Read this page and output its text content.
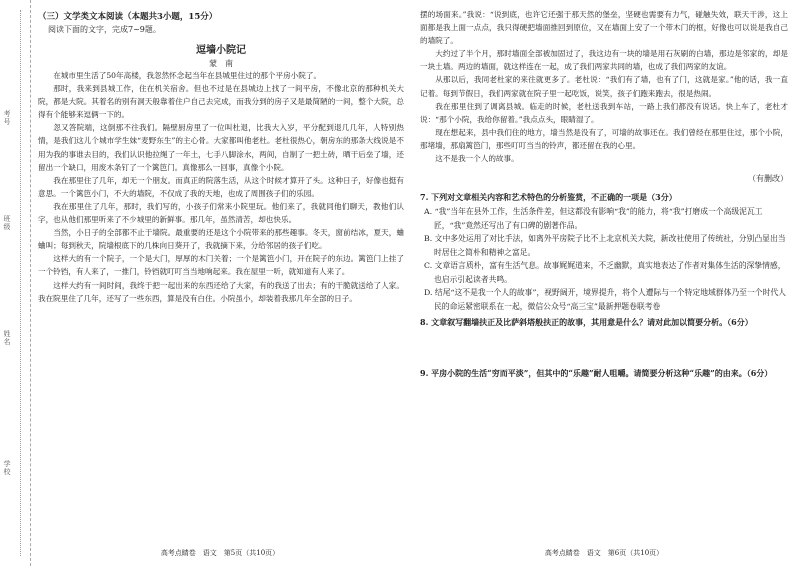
学校
姓名
班级
考号
（三）文学类文本阅读（本题共3小题，15分）
阅读下面的文字，完成7~9题。
逗墙小院记
蒙　南

在城市里生活了50年高楼，我忽然怀念起当年在县城里住过的那个平房小院了。

那时，我来到县城工作，住在机关宿舍。但也不过是在县城边上找了一间平房，不像北京的那种机关大院，都是大院。其着名的别有洞天般靠着住户自己去完成，而我分到的房子又是最简陋的一间，整个大院，总得有个能够来逗俩一下的。

忽又答院端，这倒那不往我们。隔壁厨房里了一位叫杜退，比我大入岁，平分配到退几几年，人特别热情，是我们这儿个城市学生妹“麦野东生”的主心骨。大家都叫他老杜。老杜很热心，朝房东的那条大线说是不用为我的事谁去目的，我们认识他拉绳了一年土，七手八脚涂水，两间，自制了一把土砖，晒干后垒了墙，还留出一个缺口，用废木条钉了一个篱笆门。真像那么一回事，真像个小院。

我在那里住了几年，却无一个朋友。而真正的院落生活，从这个时候才算开了头。这种日子，好像也挺有意思。一个篱笆小门，不大的墙院，不仅成了我的天地，也成了周围孩子们的乐园。

我在那里住了几年，那时，我们写的，小孩子们常来小院里玩。他们来了，我就同他们聊天，教他们认字，也从他们那里听来了不少城里的新鲜事。那几年，虽然清苦，却也快乐。

当然，小日子的全部都不止于墙院。最重要的还是这个小院带来的那些趣事。冬天，窗前结冰，夏天，蛐蛐叫；每到秋天，院墙根底下的几株向日葵开了，我就摘下来，分给邻居的孩子们吃。

这样大的有一个院子，一个是大门，厚厚的木门关着；一个是篱笆小门，开在院子的东边。篱笆门上挂了一个铃铛，有人来了，一推门，铃铛就叮叮当当地响起来。我在屋里一听，就知道有人来了。

这样大约有一间时间，我终于把一起出来的东西还给了大家，有的我送了出去；有的干脆就送给了人家。我在院里住了几年，还写了一些东西，算是没有白住。小院虽小，却装着我那几年全部的日子。

高考点睛卷　语文　第5页（共10页）

摆的场面来。”我说：“说到底，也许它还强于那天然的堡垒，坚硬也需要有力气，碰触失效，联天干涉，这上面都是我上面一点点，我只得硬把墙面推回到原位，又在墙面上安了一个带木门的框，好像也可以说是我自己的墙院了。

大约过了半个月，那时墙面全部被加固过了，我这边有一块的墙是用石灰刷的白墙，那边是邻家的，却是一块土墙。两边的墙面，就这样连在一起，成了我们两家共同的墙，也成了我们两家的友谊。

从那以后，我同老杜家的来往就更多了。老杜说：“我们有了墙，也有了门，这就是家。”他的话，我一直记着。每到节假日，我们两家就在院子里一起吃饭，说笑，孩子们跑来跑去，很是热闹。

我在那里住到了调离县城。临走的时候，老杜送我到车站，一路上我们都没有说话。快上车了，老杜才说：“那个小院，我给你留着。”我点点头，眼睛湿了。

现在想起来，县中我们住的地方，墙当然是没有了，可墙的故事还在。我们曾经在那里住过，那个小院，那堵墙，那扇篱笆门，那些叮叮当当的铃声，都还留在我的心里。

这不是我一个人的故事。

（有删改）
7. 下列对文章相关内容和艺术特色的分析鉴赏，不正确的一项是（3分）
A. “我”当年在县外工作，生活条件差，但这都没有影响“我”的能力，将“我”打磨成一个高级泥瓦工匠，“我”竟然还写出了有口碑的剧著作品。
B. 文中多处运用了对比手法，如离外平房院子比不上北京机关大院，新改社使用了传统社，分别凸显出当时居住之简朴和精神之富足。
C. 文章语言质朴，富有生活气息。故事娓娓道来，不乏幽默，真实地表达了作者对集体生活的深挚情感，也启示引起读者共鸣。
D. 结尾“这不是我一个人的故事”，视野阔开，境界提升，将个人遭际与一个特定地域群体乃至一个时代人民的命运紧密联系在一起，微信公众号“高三宝”最新押题卷联考卷
8. 文章叙写翻墙扶正及比萨斜塔般扶正的故事，其用意是什么？请对此加以简要分析。（6分）
9. 平房小院的生活“穷而平淡”，但其中的“乐趣”耐人咀嚼。请简要分析这种“乐趣”的由来。（6分）
高考点睛卷　语文　第6页（共10页）
